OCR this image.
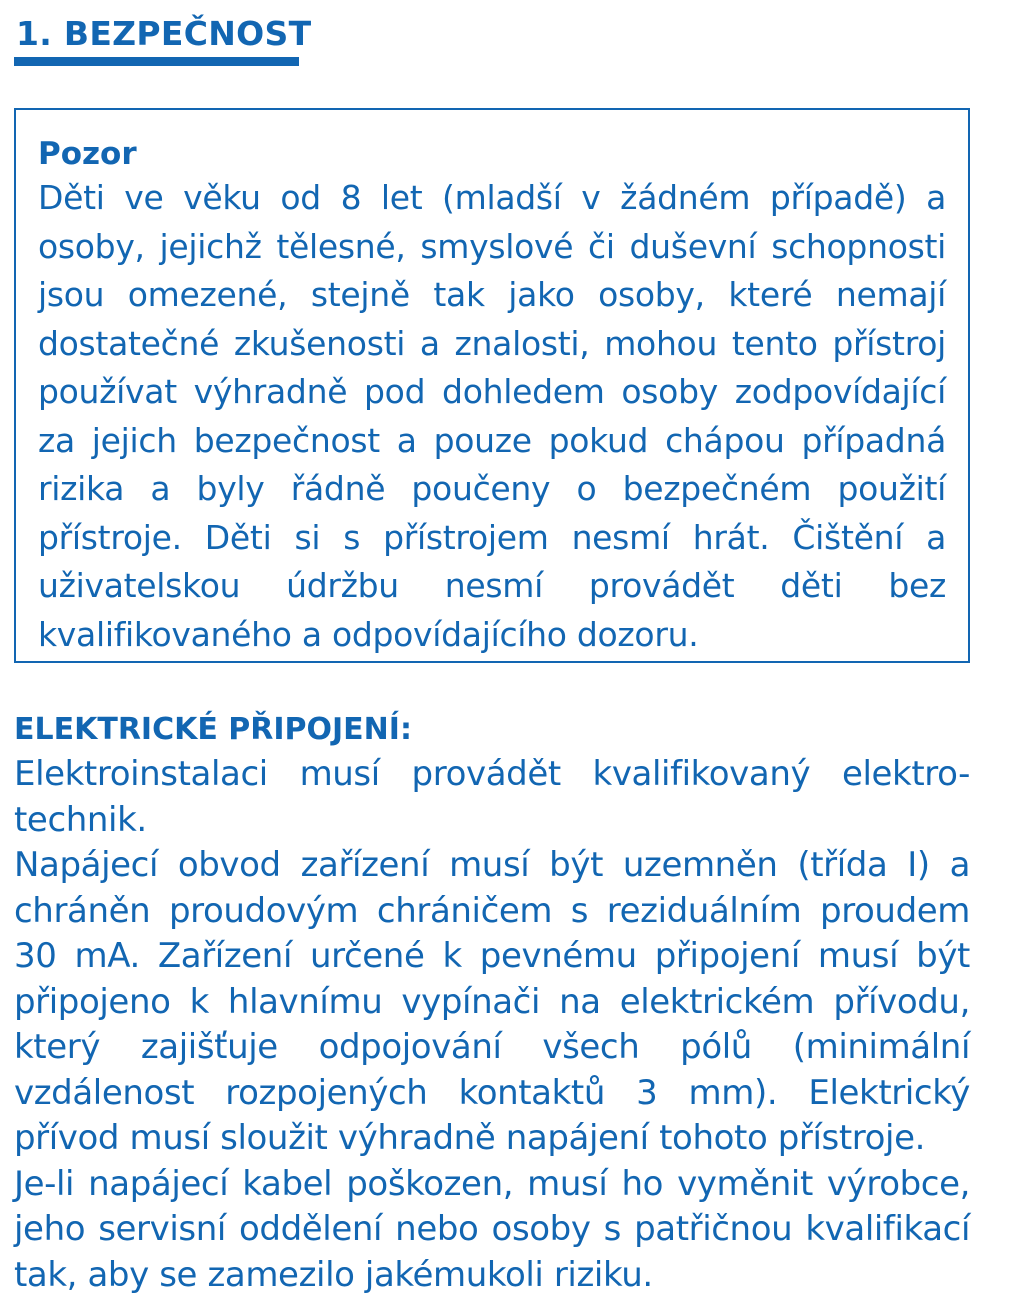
1. BEZPEČNOST
Pozor

Děti ve věku od 8 let (mladší v žádném případě) a osoby, jejichž tělesné, smyslové či duševní schopnosti jsou omezené, stejně tak jako osoby, které nemají dostatečné zkušenosti a znalosti, mohou tento přístroj používat výhradně pod dohledem osoby zodpovídající za jejich bezpečnost a pouze pokud chápou případná rizika a byly řádně poučeny o bezpečném použití přístroje. Děti si s přístrojem nesmí hrát. Čištění a uživatelskou údržbu nesmí provádět děti bez kvalifikovaného a odpovídajícího dozoru.

ELEKTRICKÉ PŘIPOJENÍ:

Elektroinstalaci musí provádět kvalifikovaný elektro-technik.

Napájecí obvod zařízení musí být uzemněn (třída I) a chráněn proudovým chráničem s reziduálním proudem 30 mA. Zařízení určené k pevnému připojení musí být připojeno k hlavnímu vypínači na elektrickém přívodu, který zajišťuje odpojování všech pólů (minimální vzdálenost rozpojených kontaktů 3 mm). Elektrický přívod musí sloužit výhradně napájení tohoto přístroje.

Je-li napájecí kabel poškozen, musí ho vyměnit výrobce, jeho servisní oddělení nebo osoby s patřičnou kvalifikací tak, aby se zamezilo jakémukoli riziku.
